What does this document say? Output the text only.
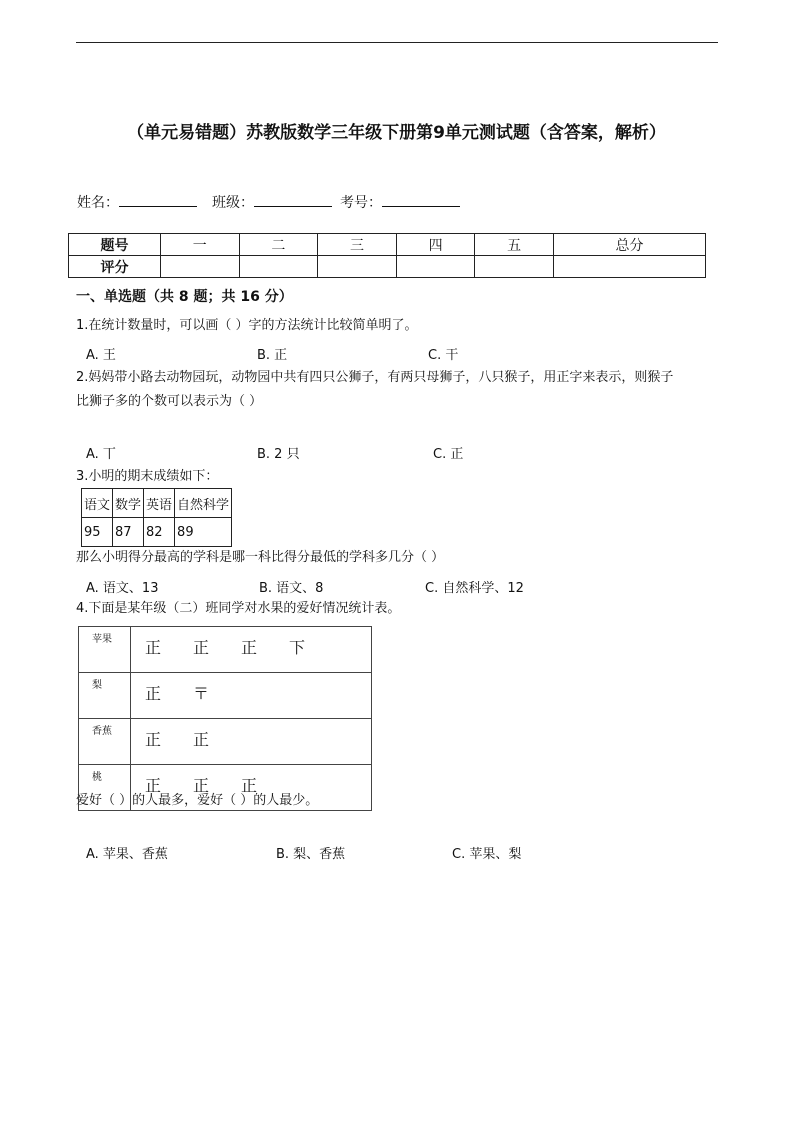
（单元易错题）苏教版数学三年级下册第9单元测试题（含答案，解析）
姓名：	班级：	考号：
题号	一	二	三	四	五	总分
评分						
一、单选题（共 8 题；共 16 分）
1.在统计数量时，可以画（ ）字的方法统计比较简单明了。
A. 王	B. 正	C. 干
2.妈妈带小路去动物园玩，动物园中共有四只公狮子，有两只母狮子，八只猴子，用正字来表示，则猴子
比狮子多的个数可以表示为（ ）
A. 丅	B. 2 只	C. 正
3.小明的期末成绩如下：
语文	数学	英语	自然科学
95	87	82	89
那么小明得分最高的学科是哪一科比得分最低的学科多几分（ ）
A. 语文、13	B. 语文、8	C. 自然科学、12
4.下面是某年级（二）班同学对水果的爱好情况统计表。
苹果	正 正 正 下
梨	正 〒
香蕉	正 正
桃	正 正 正
爱好（ ）的人最多，爱好（ ）的人最少。
A. 苹果、香蕉	B. 梨、香蕉	C. 苹果、梨
